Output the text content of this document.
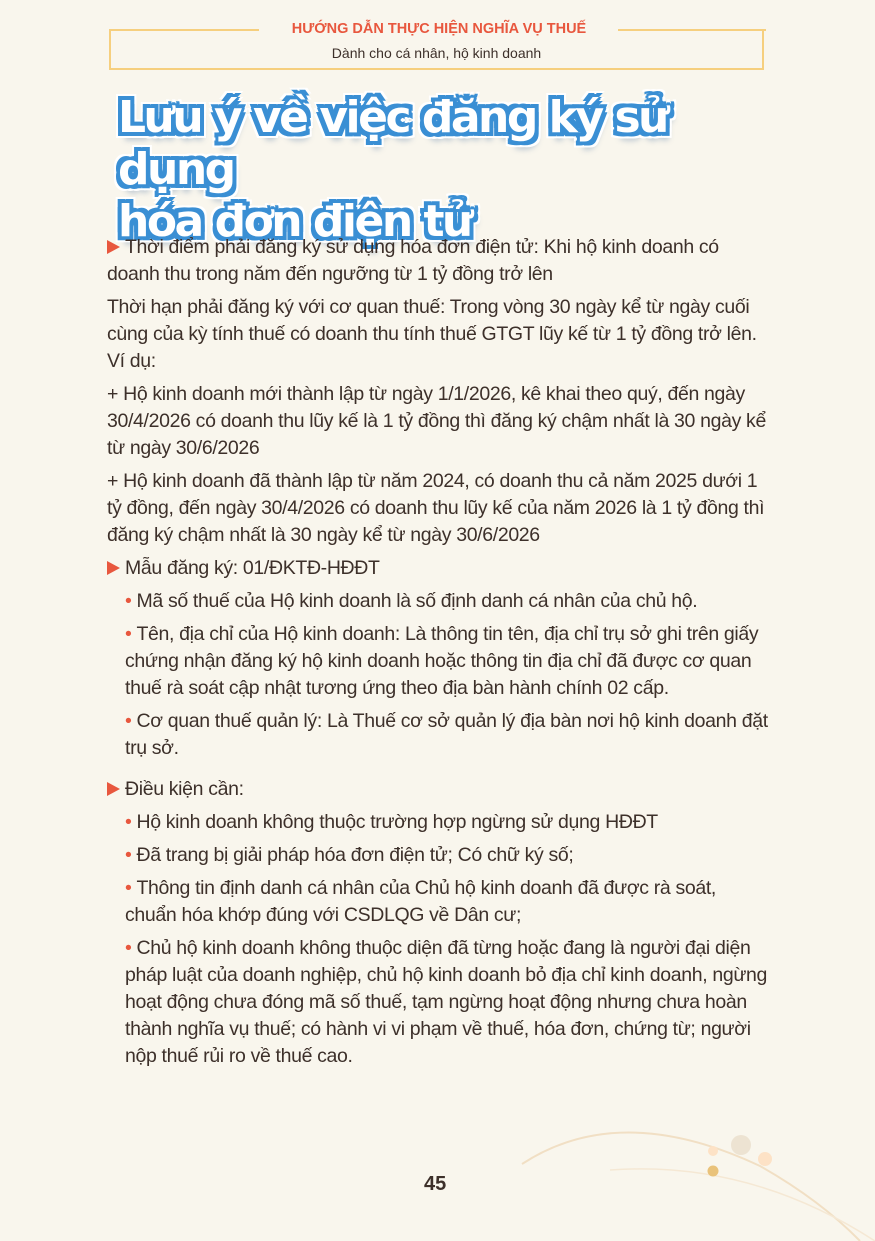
HƯỚNG DẪN THỰC HIỆN NGHĨA VỤ THUẾ
Dành cho cá nhân, hộ kinh doanh
Lưu ý về việc đăng ký sử dụng
hóa đơn điện tử

Thời điểm phải đăng ký sử dụng hóa đơn điện tử: Khi hộ kinh doanh có doanh thu trong năm đến ngưỡng từ 1 tỷ đồng trở lên

Thời hạn phải đăng ký với cơ quan thuế: Trong vòng 30 ngày kể từ ngày cuối cùng của kỳ tính thuế có doanh thu tính thuế GTGT lũy kế từ 1 tỷ đồng trở lên. Ví dụ:

+ Hộ kinh doanh mới thành lập từ ngày 1/1/2026, kê khai theo quý, đến ngày 30/4/2026 có doanh thu lũy kế là 1 tỷ đồng thì đăng ký chậm nhất là 30 ngày kể từ ngày 30/6/2026

+ Hộ kinh doanh đã thành lập từ năm 2024, có doanh thu cả năm 2025 dưới 1 tỷ đồng, đến ngày 30/4/2026 có doanh thu lũy kế của năm 2026 là 1 tỷ đồng thì đăng ký chậm nhất là 30 ngày kể từ ngày 30/6/2026

Mẫu đăng ký: 01/ĐKTĐ-HĐĐT

• Mã số thuế của Hộ kinh doanh là số định danh cá nhân của chủ hộ.

• Tên, địa chỉ của Hộ kinh doanh: Là thông tin tên, địa chỉ trụ sở ghi trên giấy chứng nhận đăng ký hộ kinh doanh hoặc thông tin địa chỉ đã được cơ quan thuế rà soát cập nhật tương ứng theo địa bàn hành chính 02 cấp.

• Cơ quan thuế quản lý: Là Thuế cơ sở quản lý địa bàn nơi hộ kinh doanh đặt trụ sở.

Điều kiện cần:

• Hộ kinh doanh không thuộc trường hợp ngừng sử dụng HĐĐT

• Đã trang bị giải pháp hóa đơn điện tử; Có chữ ký số;

• Thông tin định danh cá nhân của Chủ hộ kinh doanh đã được rà soát, chuẩn hóa khớp đúng với CSDLQG về Dân cư;

• Chủ hộ kinh doanh không thuộc diện đã từng hoặc đang là người đại diện pháp luật của doanh nghiệp, chủ hộ kinh doanh bỏ địa chỉ kinh doanh, ngừng hoạt động chưa đóng mã số thuế, tạm ngừng hoạt động nhưng chưa hoàn thành nghĩa vụ thuế; có hành vi vi phạm về thuế, hóa đơn, chứng từ; người nộp thuế rủi ro về thuế cao.

45
